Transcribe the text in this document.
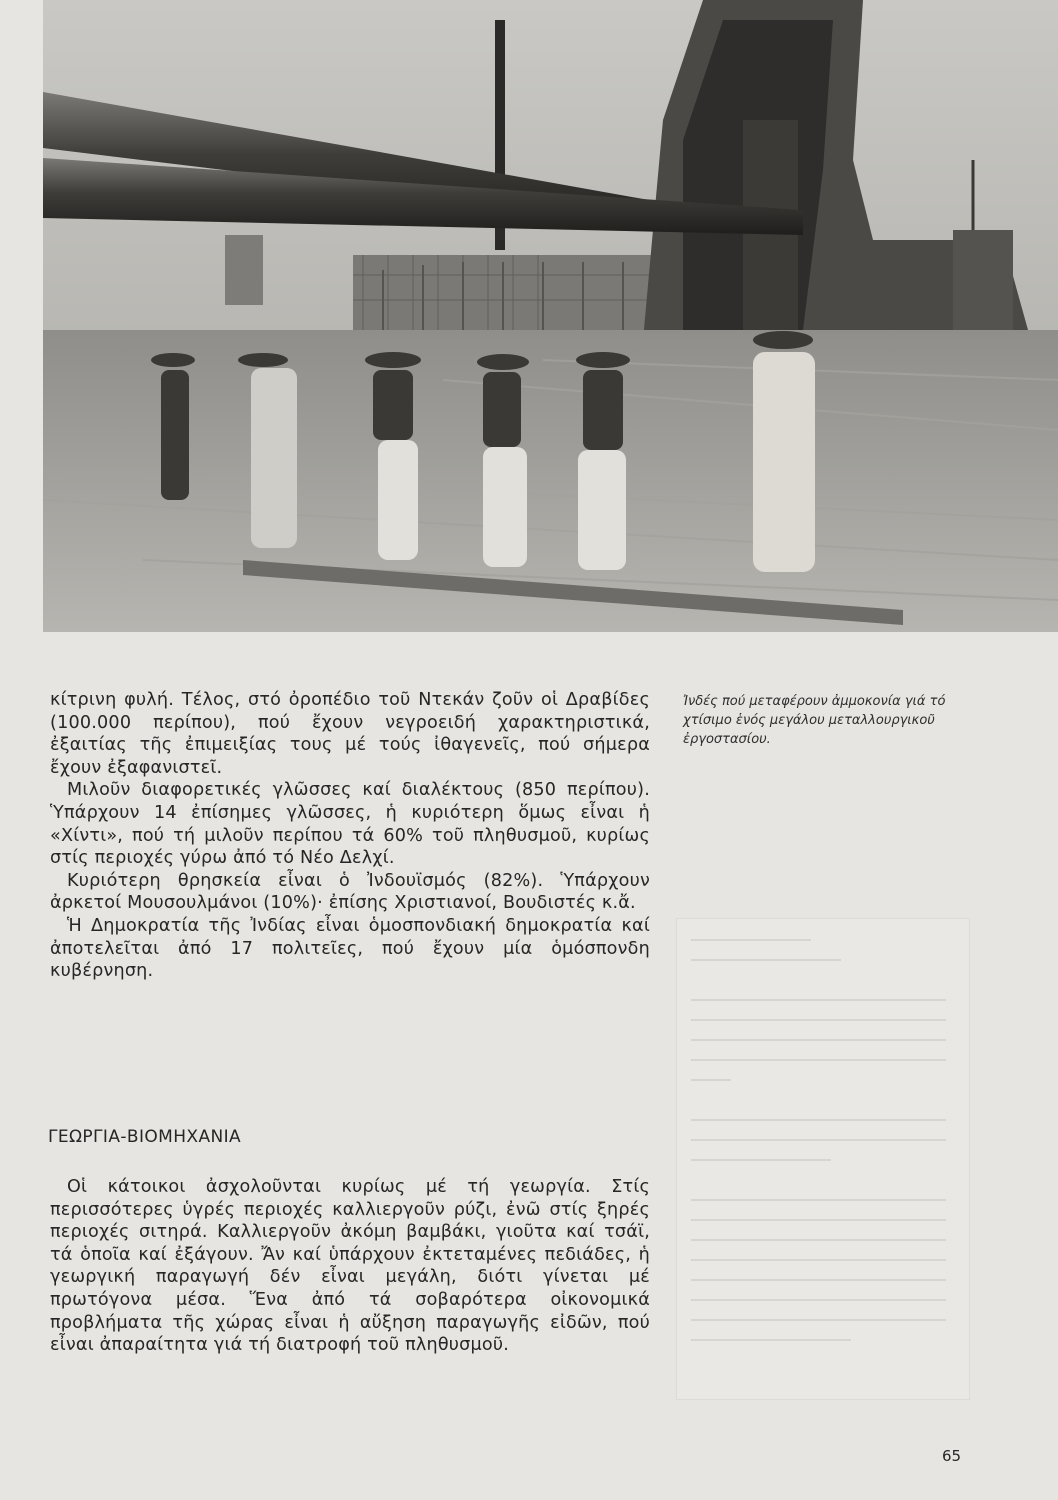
Ἰνδές πού μεταφέρουν ἀμμοκονία γιά τό χτίσιμο ἑνός μεγάλου μεταλλουργικοῦ ἐργοστασίου.

κίτρινη φυλή. Τέλος, στό ὀροπέδιο τοῦ Ντεκάν ζοῦν οἱ Δραβίδες (100.000 περίπου), πού ἔχουν νεγροειδή χαρακτηριστικά, ἐξαιτίας τῆς ἐπιμειξίας τους μέ τούς ἰθαγενεῖς, πού σήμερα ἔχουν ἐξαφανιστεῖ.

Μιλοῦν διαφορετικές γλῶσσες καί διαλέκτους (850 περίπου). Ὑπάρχουν 14 ἐπίσημες γλῶσσες, ἡ κυριότερη ὅμως εἶναι ἡ «Χίντι», πού τή μιλοῦν περίπου τά 60% τοῦ πληθυσμοῦ, κυρίως στίς περιοχές γύρω ἀπό τό Νέο Δελχί.

Κυριότερη θρησκεία εἶναι ὁ Ἰνδουϊσμός (82%). Ὑπάρχουν ἀρκετοί Μουσουλμάνοι (10%)· ἐπίσης Χριστιανοί, Βουδιστές κ.ἄ.

Ἡ Δημοκρατία τῆς Ἰνδίας εἶναι ὁμοσπονδιακή δημοκρατία καί ἀποτελεῖται ἀπό 17 πολιτεῖες, πού ἔχουν μία ὁμόσπονδη κυβέρνηση.

ΓΕΩΡΓΙΑ-ΒΙΟΜΗΧΑΝΙΑ

Οἱ κάτοικοι ἀσχολοῦνται κυρίως μέ τή γεωργία. Στίς περισσότερες ὑγρές περιοχές καλλιεργοῦν ρύζι, ἐνῶ στίς ξηρές περιοχές σιτηρά. Καλλιεργοῦν ἀκόμη βαμβάκι, γιοῦτα καί τσάϊ, τά ὁποῖα καί ἐξάγουν. Ἄν καί ὑπάρχουν ἐκτεταμένες πεδιάδες, ἡ γεωργική παραγωγή δέν εἶναι μεγάλη, διότι γίνεται μέ πρωτόγονα μέσα. Ἕνα ἀπό τά σοβαρότερα οἰκονομικά προβλήματα τῆς χώρας εἶναι ἡ αὔξηση παραγωγῆς εἰδῶν, πού εἶναι ἀπαραίτητα γιά τή διατροφή τοῦ πληθυσμοῦ.

65
